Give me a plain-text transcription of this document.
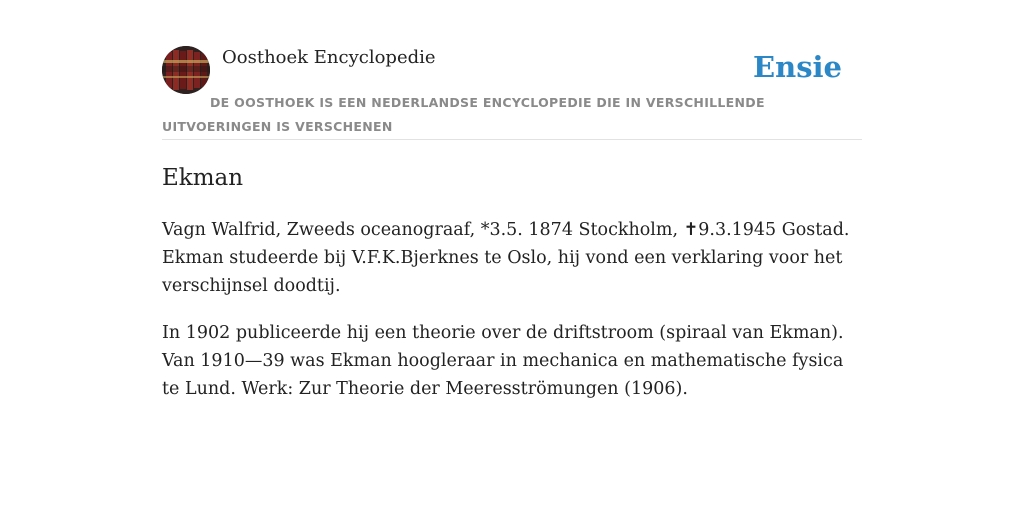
Oosthoek Encyclopedie	Ensie
DE OOSTHOEK IS EEN NEDERLANDSE ENCYCLOPEDIE DIE IN VERSCHILLENDE UITVOERINGEN IS VERSCHENEN
Ekman

Vagn Walfrid, Zweeds oceanograaf, *3.5. 1874 Stockholm, ✝9.3.1945 Gostad. Ekman studeerde bij V.F.K.Bjerknes te Oslo, hij vond een verklaring voor het verschijnsel doodtij.

In 1902 publiceerde hij een theorie over de driftstroom (spiraal van Ekman). Van 1910—39 was Ekman hoogleraar in mechanica en mathematische fysica te Lund. Werk: Zur Theorie der Meeresströmungen (1906).
